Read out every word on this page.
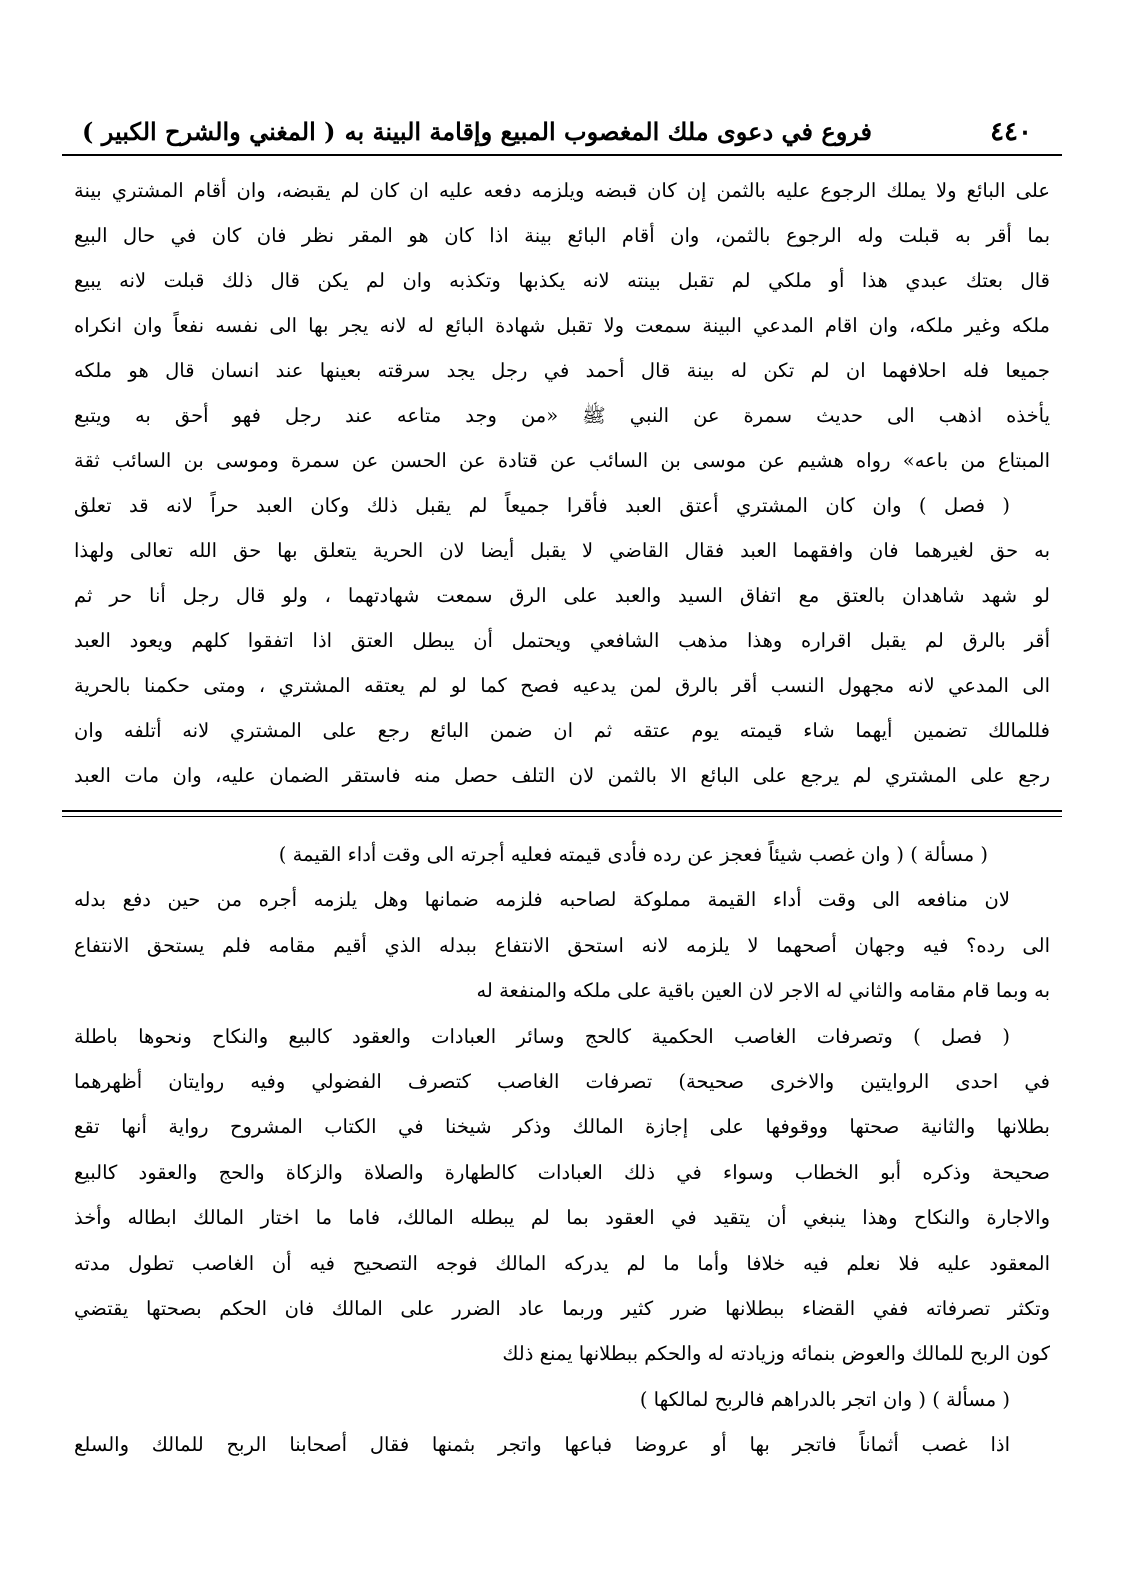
٤٤٠
فروع في دعوى ملك المغصوب المبيع وإقامة البينة به
( المغني والشرح الكبير )
على البائع ولا يملك الرجوع عليه بالثمن إن كان قبضه ويلزمه دفعه عليه ان كان لم يقبضه، وان أقام المشتري بينة
بما أقر به قبلت وله الرجوع بالثمن، وان أقام البائع بينة اذا كان هو المقر نظر فان كان في حال البيع
قال بعتك عبدي هذا أو ملكي لم تقبل بينته لانه يكذبها وتكذبه وان لم يكن قال ذلك قبلت لانه يبيع
ملكه وغير ملكه، وان اقام المدعي البينة سمعت ولا تقبل شهادة البائع له لانه يجر بها الى نفسه نفعاً وان انكراه
جميعا فله احلافهما ان لم تكن له بينة قال أحمد في رجل يجد سرقته بعينها عند انسان قال هو ملكه
يأخذه اذهب الى حديث سمرة عن النبي ﷺ «من وجد متاعه عند رجل فهو أحق به ويتبع
المبتاع من باعه» رواه هشيم عن موسى بن السائب عن قتادة عن الحسن عن سمرة وموسى بن السائب ثقة
( فصل ) وان كان المشتري أعتق العبد فأقرا جميعاً لم يقبل ذلك وكان العبد حراً لانه قد تعلق
به حق لغيرهما فان وافقهما العبد فقال القاضي لا يقبل أيضا لان الحرية يتعلق بها حق الله تعالى ولهذا
لو شهد شاهدان بالعتق مع اتفاق السيد والعبد على الرق سمعت شهادتهما ، ولو قال رجل أنا حر ثم
أقر بالرق لم يقبل اقراره وهذا مذهب الشافعي ويحتمل أن يبطل العتق اذا اتفقوا كلهم ويعود العبد
الى المدعي لانه مجهول النسب أقر بالرق لمن يدعيه فصح كما لو لم يعتقه المشتري ، ومتى حكمنا بالحرية
فللمالك تضمين أيهما شاء قيمته يوم عتقه ثم ان ضمن البائع رجع على المشتري لانه أتلفه وان
رجع على المشتري لم يرجع على البائع الا بالثمن لان التلف حصل منه فاستقر الضمان عليه، وان مات العبد
( مسألة ) ( وان غصب شيئاً فعجز عن رده فأدى قيمته فعليه أجرته الى وقت أداء القيمة )
لان منافعه الى وقت أداء القيمة مملوكة لصاحبه فلزمه ضمانها وهل يلزمه أجره من حين دفع بدله
الى رده؟ فيه وجهان أصحهما لا يلزمه لانه استحق الانتفاع ببدله الذي أقيم مقامه فلم يستحق الانتفاع
به وبما قام مقامه والثاني له الاجر لان العين باقية على ملكه والمنفعة له
( فصل ) وتصرفات الغاصب الحكمية كالحج وسائر العبادات والعقود كالبيع والنكاح ونحوها باطلة
في احدى الروايتين والاخرى صحيحة) تصرفات الغاصب كتصرف الفضولي وفيه روايتان أظهرهما
بطلانها والثانية صحتها ووقوفها على إجازة المالك وذكر شيخنا في الكتاب المشروح رواية أنها تقع
صحيحة وذكره أبو الخطاب وسواء في ذلك العبادات كالطهارة والصلاة والزكاة والحج والعقود كالبيع
والاجارة والنكاح وهذا ينبغي أن يتقيد في العقود بما لم يبطله المالك، فاما ما اختار المالك ابطاله وأخذ
المعقود عليه فلا نعلم فيه خلافا وأما ما لم يدركه المالك فوجه التصحيح فيه أن الغاصب تطول مدته
وتكثر تصرفاته ففي القضاء ببطلانها ضرر كثير وربما عاد الضرر على المالك فان الحكم بصحتها يقتضي
كون الربح للمالك والعوض بنمائه وزيادته له والحكم ببطلانها يمنع ذلك
( مسألة ) ( وان اتجر بالدراهم فالربح لمالكها )
اذا غصب أثماناً فاتجر بها أو عروضا فباعها واتجر بثمنها فقال أصحابنا الربح للمالك والسلع
